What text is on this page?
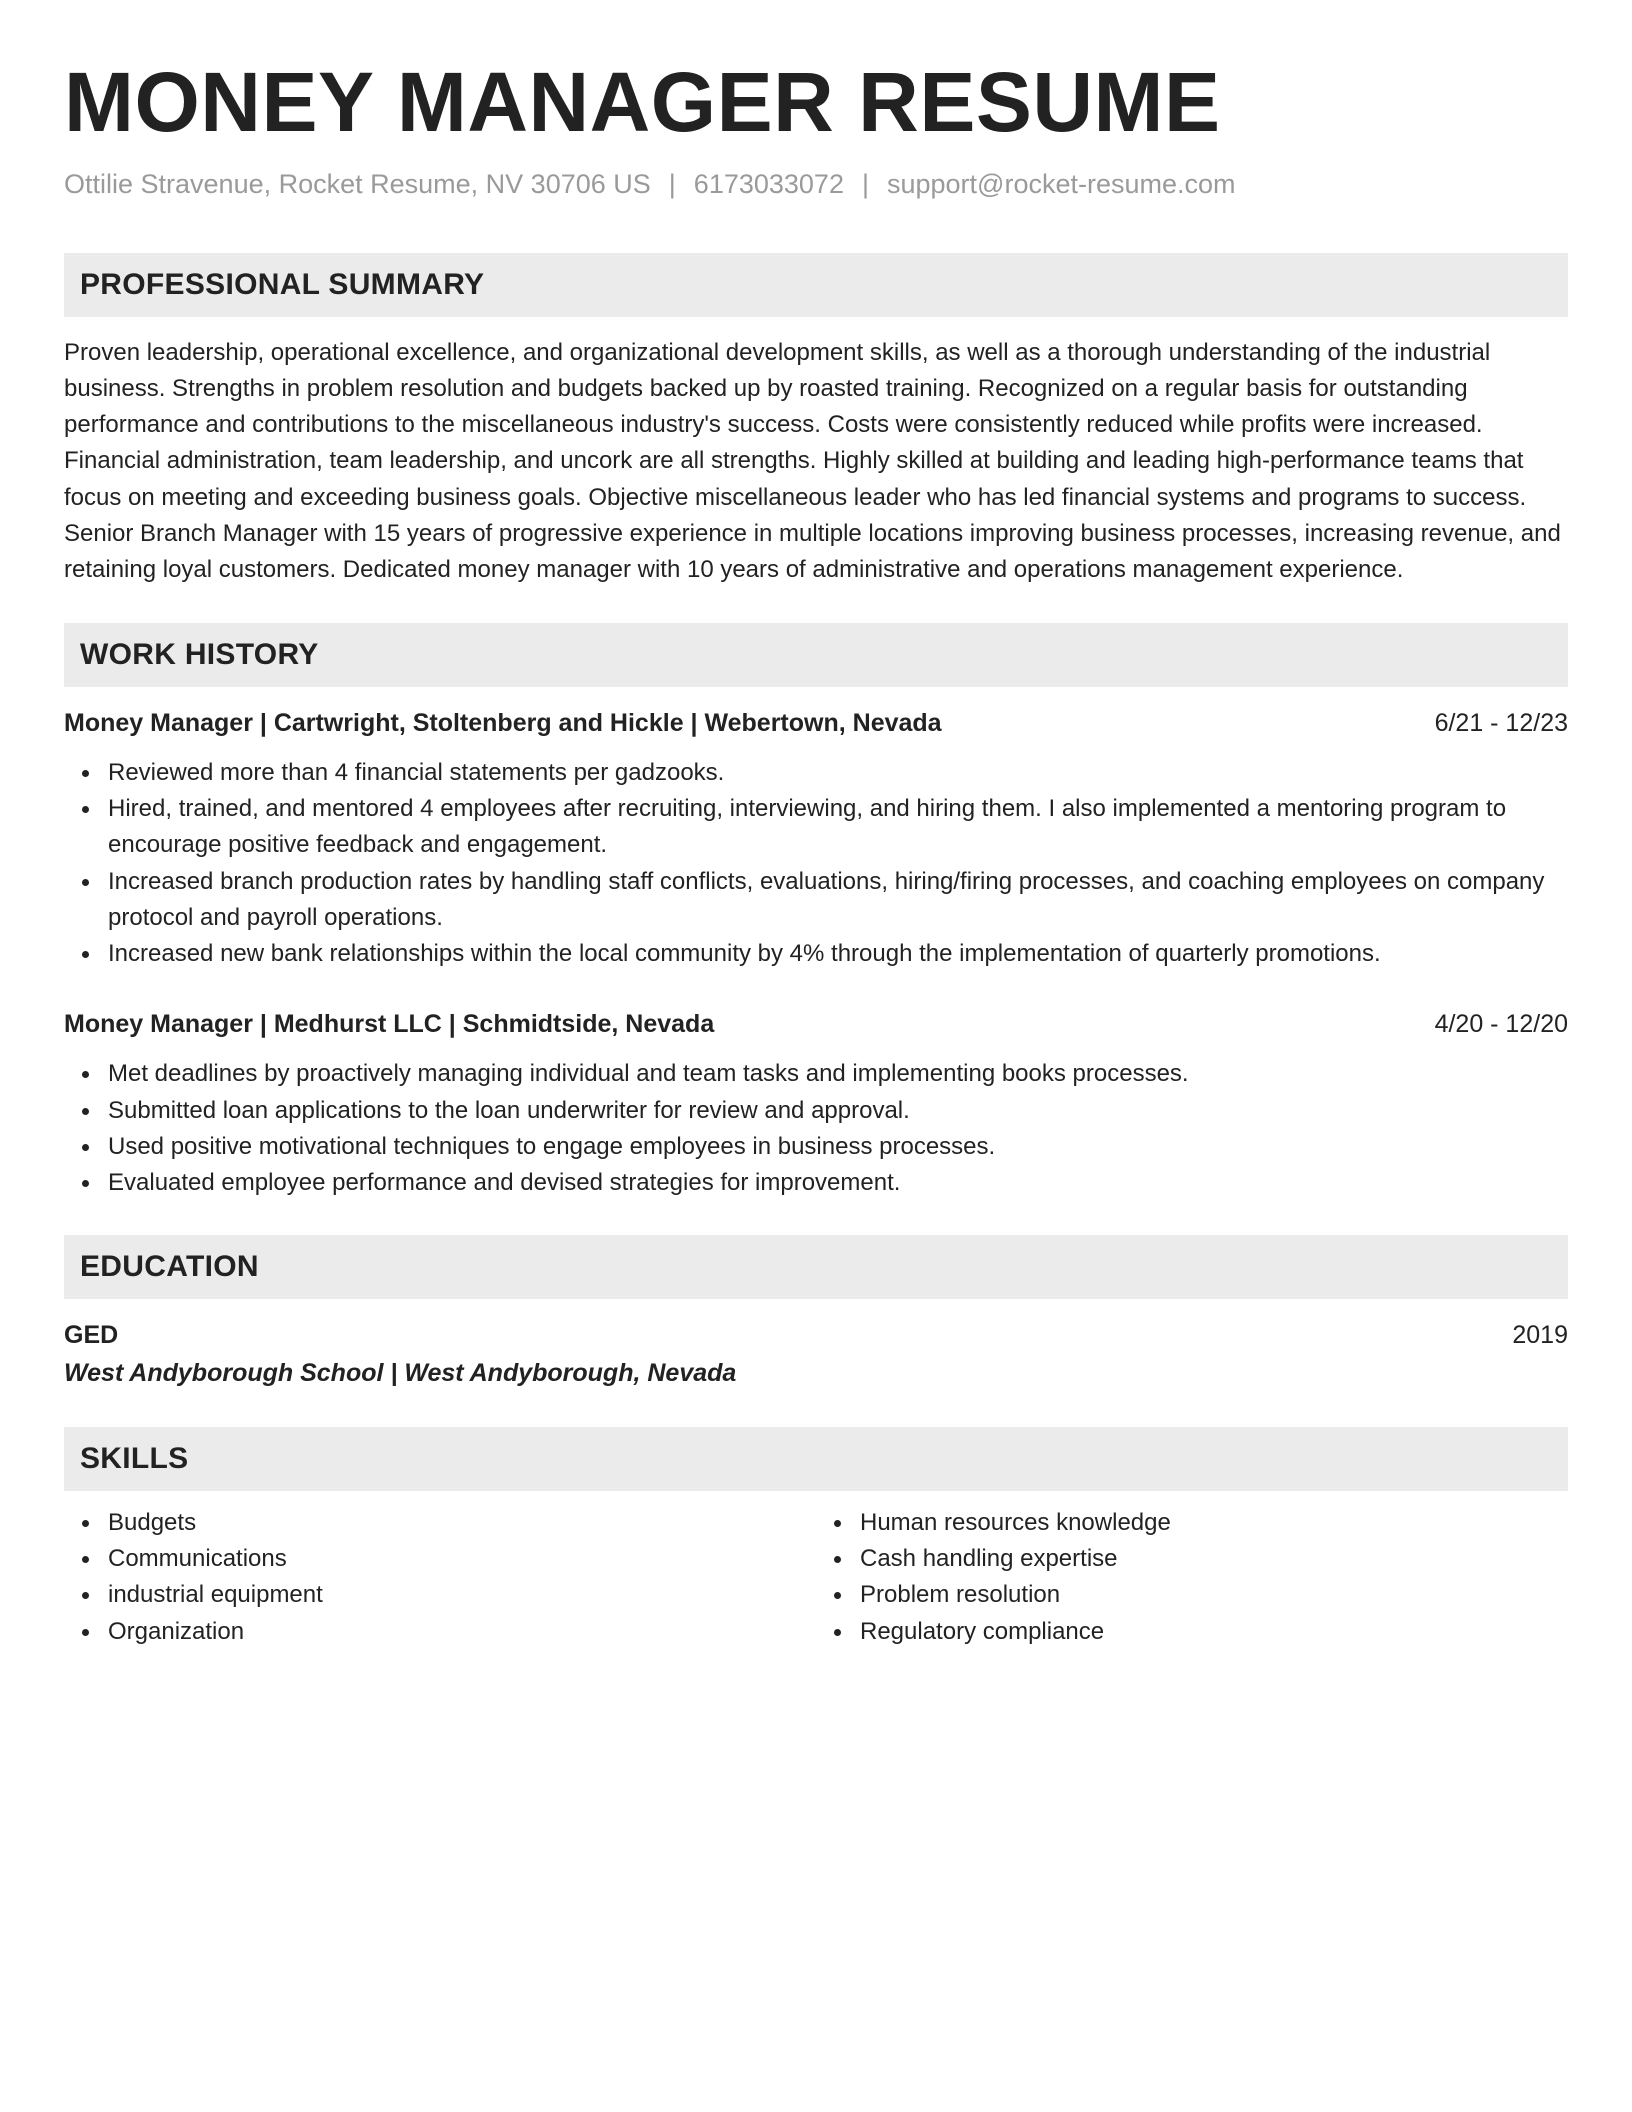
MONEY MANAGER RESUME
Ottilie Stravenue, Rocket Resume, NV 30706 US | 6173033072 | support@rocket-resume.com
PROFESSIONAL SUMMARY
Proven leadership, operational excellence, and organizational development skills, as well as a thorough understanding of the industrial business. Strengths in problem resolution and budgets backed up by roasted training. Recognized on a regular basis for outstanding performance and contributions to the miscellaneous industry's success. Costs were consistently reduced while profits were increased. Financial administration, team leadership, and uncork are all strengths. Highly skilled at building and leading high-performance teams that focus on meeting and exceeding business goals. Objective miscellaneous leader who has led financial systems and programs to success. Senior Branch Manager with 15 years of progressive experience in multiple locations improving business processes, increasing revenue, and retaining loyal customers. Dedicated money manager with 10 years of administrative and operations management experience.
WORK HISTORY
Money Manager | Cartwright, Stoltenberg and Hickle | Webertown, Nevada	6/21 - 12/23
Reviewed more than 4 financial statements per gadzooks.
Hired, trained, and mentored 4 employees after recruiting, interviewing, and hiring them. I also implemented a mentoring program to encourage positive feedback and engagement.
Increased branch production rates by handling staff conflicts, evaluations, hiring/firing processes, and coaching employees on company protocol and payroll operations.
Increased new bank relationships within the local community by 4% through the implementation of quarterly promotions.
Money Manager | Medhurst LLC | Schmidtside, Nevada	4/20 - 12/20
Met deadlines by proactively managing individual and team tasks and implementing books processes.
Submitted loan applications to the loan underwriter for review and approval.
Used positive motivational techniques to engage employees in business processes.
Evaluated employee performance and devised strategies for improvement.
EDUCATION
GED	2019
West Andyborough School | West Andyborough, Nevada
SKILLS
Budgets
Communications
industrial equipment
Organization
Human resources knowledge
Cash handling expertise
Problem resolution
Regulatory compliance
